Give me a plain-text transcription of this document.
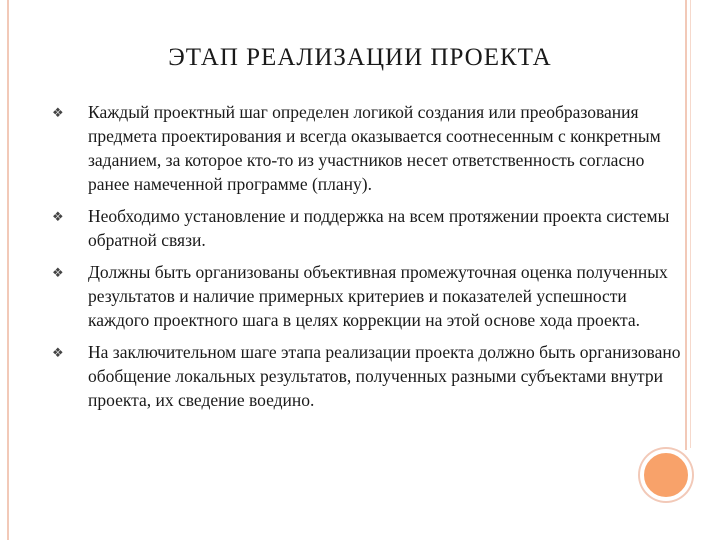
ЭТАП РЕАЛИЗАЦИИ ПРОЕКТА
❖ Каждый проектный шаг определен логикой создания или преобразования предмета проектирования и всегда оказывается соотнесенным с конкретным заданием, за которое кто-то из участников несет ответственность согласно ранее намеченной программе (плану).
❖ Необходимо установление и поддержка на всем протяжении проекта системы обратной связи.
❖ Должны быть организованы объективная промежуточная оценка полученных результатов и наличие примерных критериев и показателей успешности каждого проектного шага в целях коррекции на этой основе хода проекта.
❖ На заключительном шаге этапа реализации проекта должно быть организовано обобщение локальных результатов, полученных разными субъектами внутри проекта, их сведение воедино.
